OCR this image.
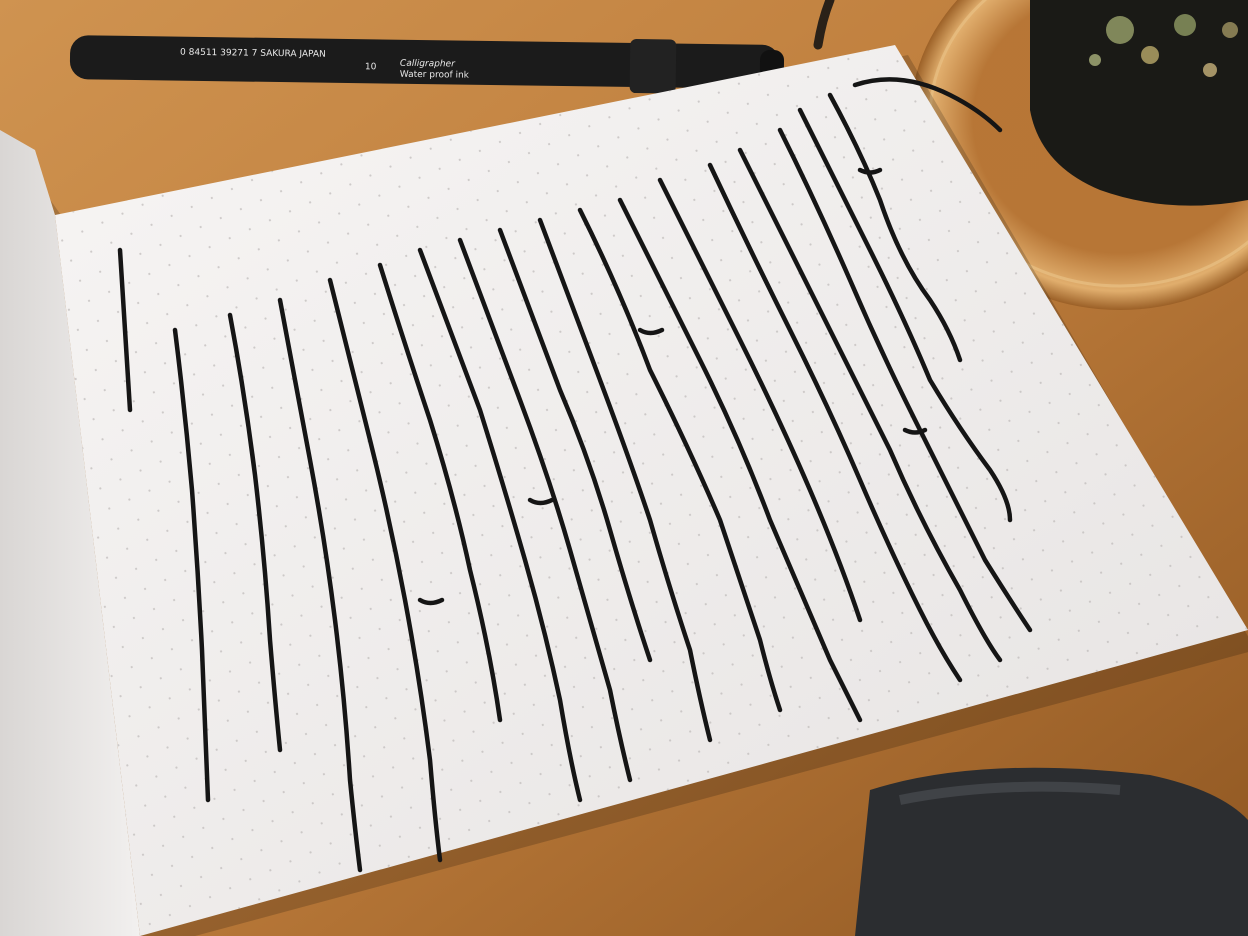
0 84511 39271 7 SAKURA JAPAN
Calligrapher
Water proof ink
10
